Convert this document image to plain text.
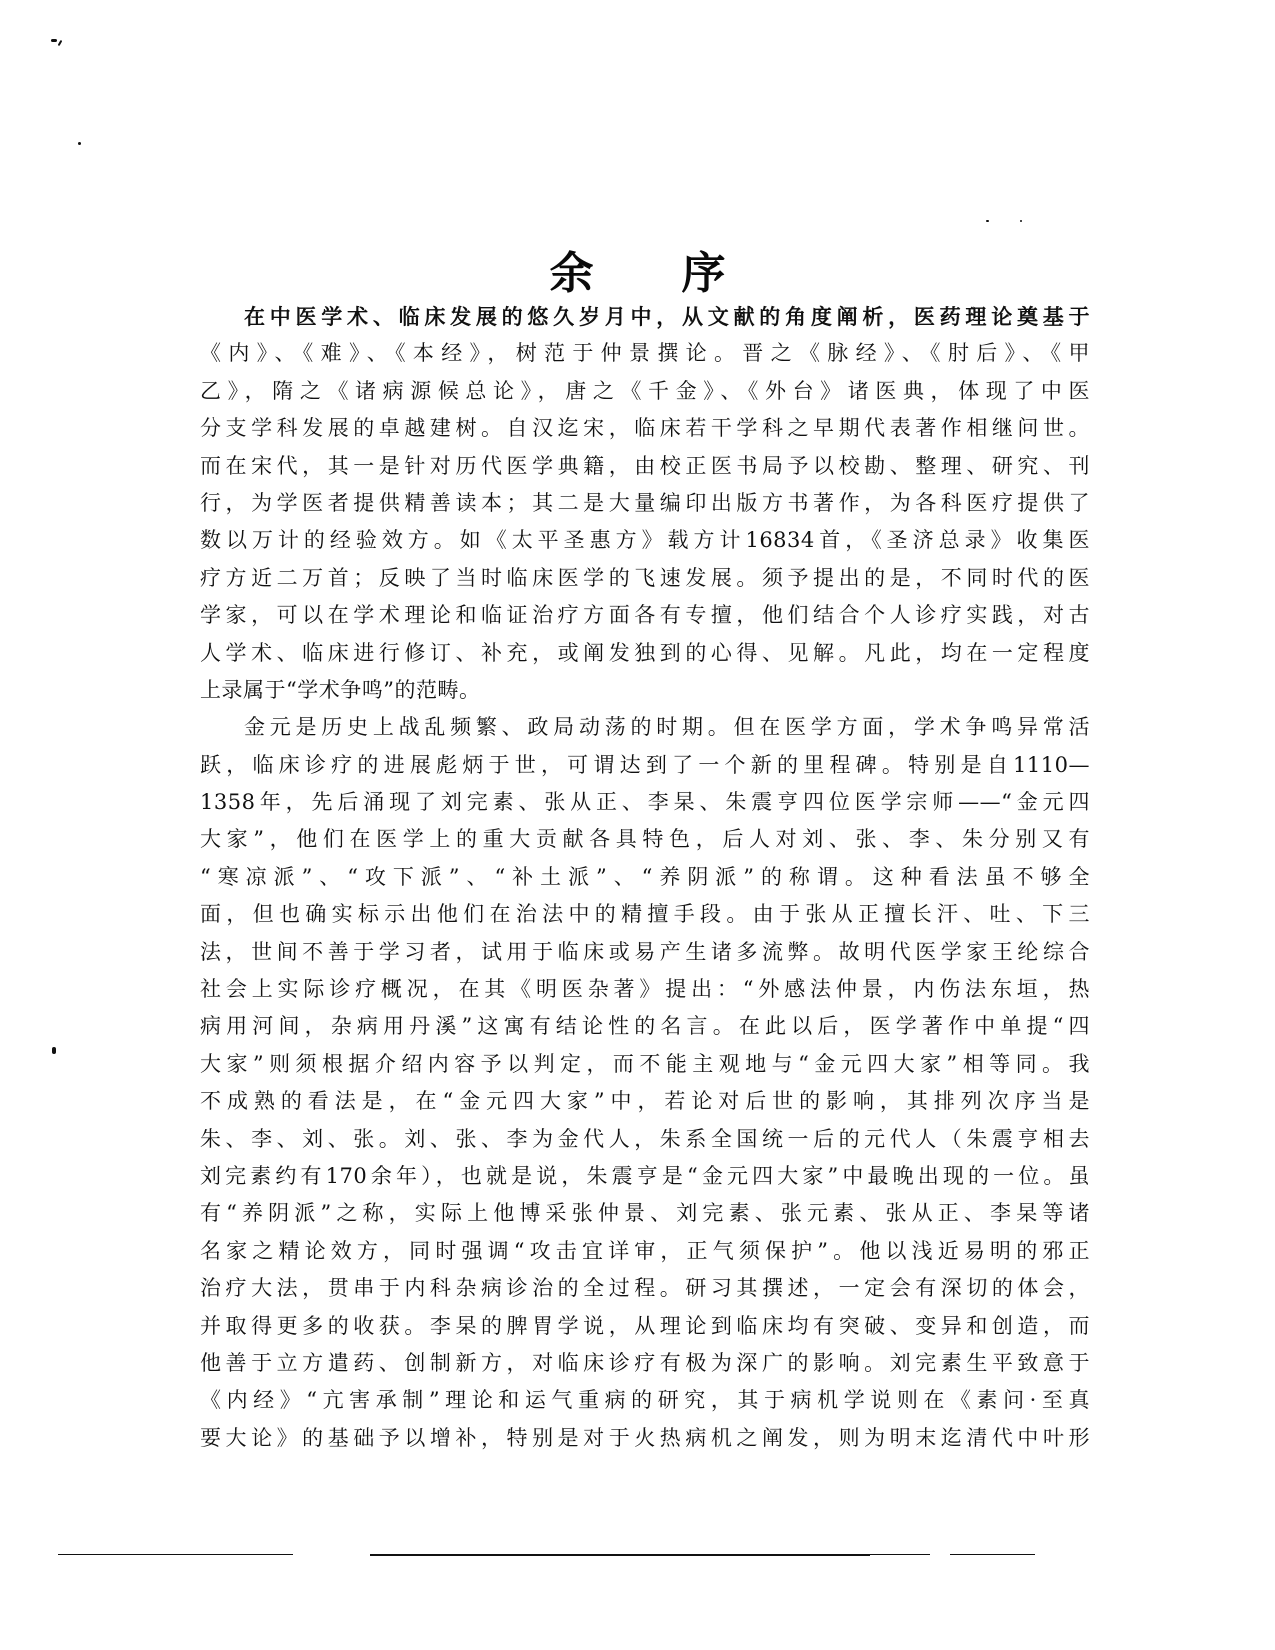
余序
在中医学术、临床发展的悠久岁月中，从文献的角度阐析，医药理论奠基于
《内》、《难》、《本经》，树范于仲景撰论。晋之《脉经》、《肘后》、《甲
乙》，隋之《诸病源候总论》，唐之《千金》、《外台》诸医典，体现了中医
分支学科发展的卓越建树。自汉迄宋，临床若干学科之早期代表著作相继问世。
而在宋代，其一是针对历代医学典籍，由校正医书局予以校勘、整理、研究、刊
行，为学医者提供精善读本；其二是大量编印出版方书著作，为各科医疗提供了
数以万计的经验效方。如《太平圣惠方》载方计16834首，《圣济总录》收集医
疗方近二万首；反映了当时临床医学的飞速发展。须予提出的是，不同时代的医
学家，可以在学术理论和临证治疗方面各有专擅，他们结合个人诊疗实践，对古
人学术、临床进行修订、补充，或阐发独到的心得、见解。凡此，均在一定程度
上录属于“学术争鸣”的范畴。
金元是历史上战乱频繁、政局动荡的时期。但在医学方面，学术争鸣异常活
跃，临床诊疗的进展彪炳于世，可谓达到了一个新的里程碑。特别是自1110—
1358年，先后涌现了刘完素、张从正、李杲、朱震亨四位医学宗师——“金元四
大家”，他们在医学上的重大贡献各具特色，后人对刘、张、李、朱分别又有
“寒凉派”、“攻下派”、“补土派”、“养阴派”的称谓。这种看法虽不够全
面，但也确实标示出他们在治法中的精擅手段。由于张从正擅长汗、吐、下三
法，世间不善于学习者，试用于临床或易产生诸多流弊。故明代医学家王纶综合
社会上实际诊疗概况，在其《明医杂著》提出：“外感法仲景，内伤法东垣，热
病用河间，杂病用丹溪”这寓有结论性的名言。在此以后，医学著作中单提“四
大家”则须根据介绍内容予以判定，而不能主观地与“金元四大家”相等同。我
不成熟的看法是，在“金元四大家”中，若论对后世的影响，其排列次序当是
朱、李、刘、张。刘、张、李为金代人，朱系全国统一后的元代人（朱震亨相去
刘完素约有170余年），也就是说，朱震亨是“金元四大家”中最晚出现的一位。虽
有“养阴派”之称，实际上他博采张仲景、刘完素、张元素、张从正、李杲等诸
名家之精论效方，同时强调“攻击宜详审，正气须保护”。他以浅近易明的邪正
治疗大法，贯串于内科杂病诊治的全过程。研习其撰述，一定会有深切的体会，
并取得更多的收获。李杲的脾胃学说，从理论到临床均有突破、变异和创造，而
他善于立方遣药、创制新方，对临床诊疗有极为深广的影响。刘完素生平致意于
《内经》“亢害承制”理论和运气重病的研究，其于病机学说则在《素问·至真
要大论》的基础予以增补，特别是对于火热病机之阐发，则为明末迄清代中叶形
